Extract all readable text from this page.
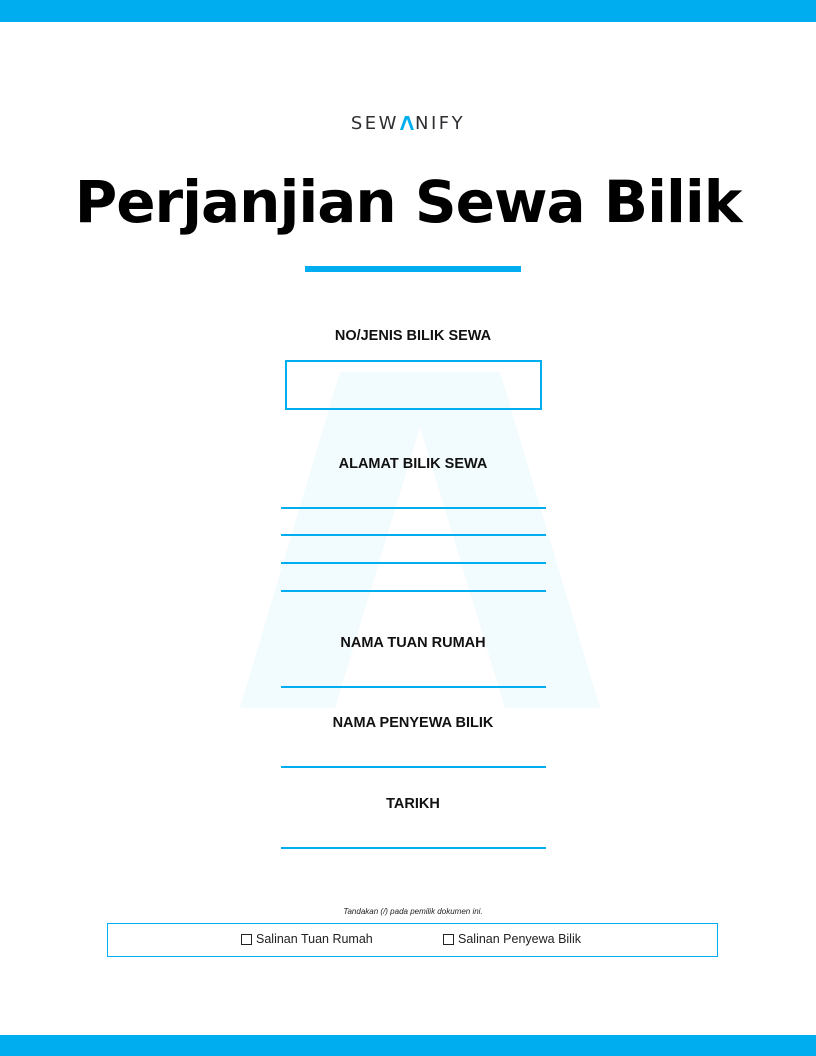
SEW NIFY
Perjanjian Sewa Bilik
NO/JENIS BILIK SEWA
ALAMAT BILIK SEWA
NAMA TUAN RUMAH
NAMA PENYEWA BILIK
TARIKH
Tandakan (/) pada pemilik dokumen ini.
Salinan Tuan Rumah	Salinan Penyewa Bilik
